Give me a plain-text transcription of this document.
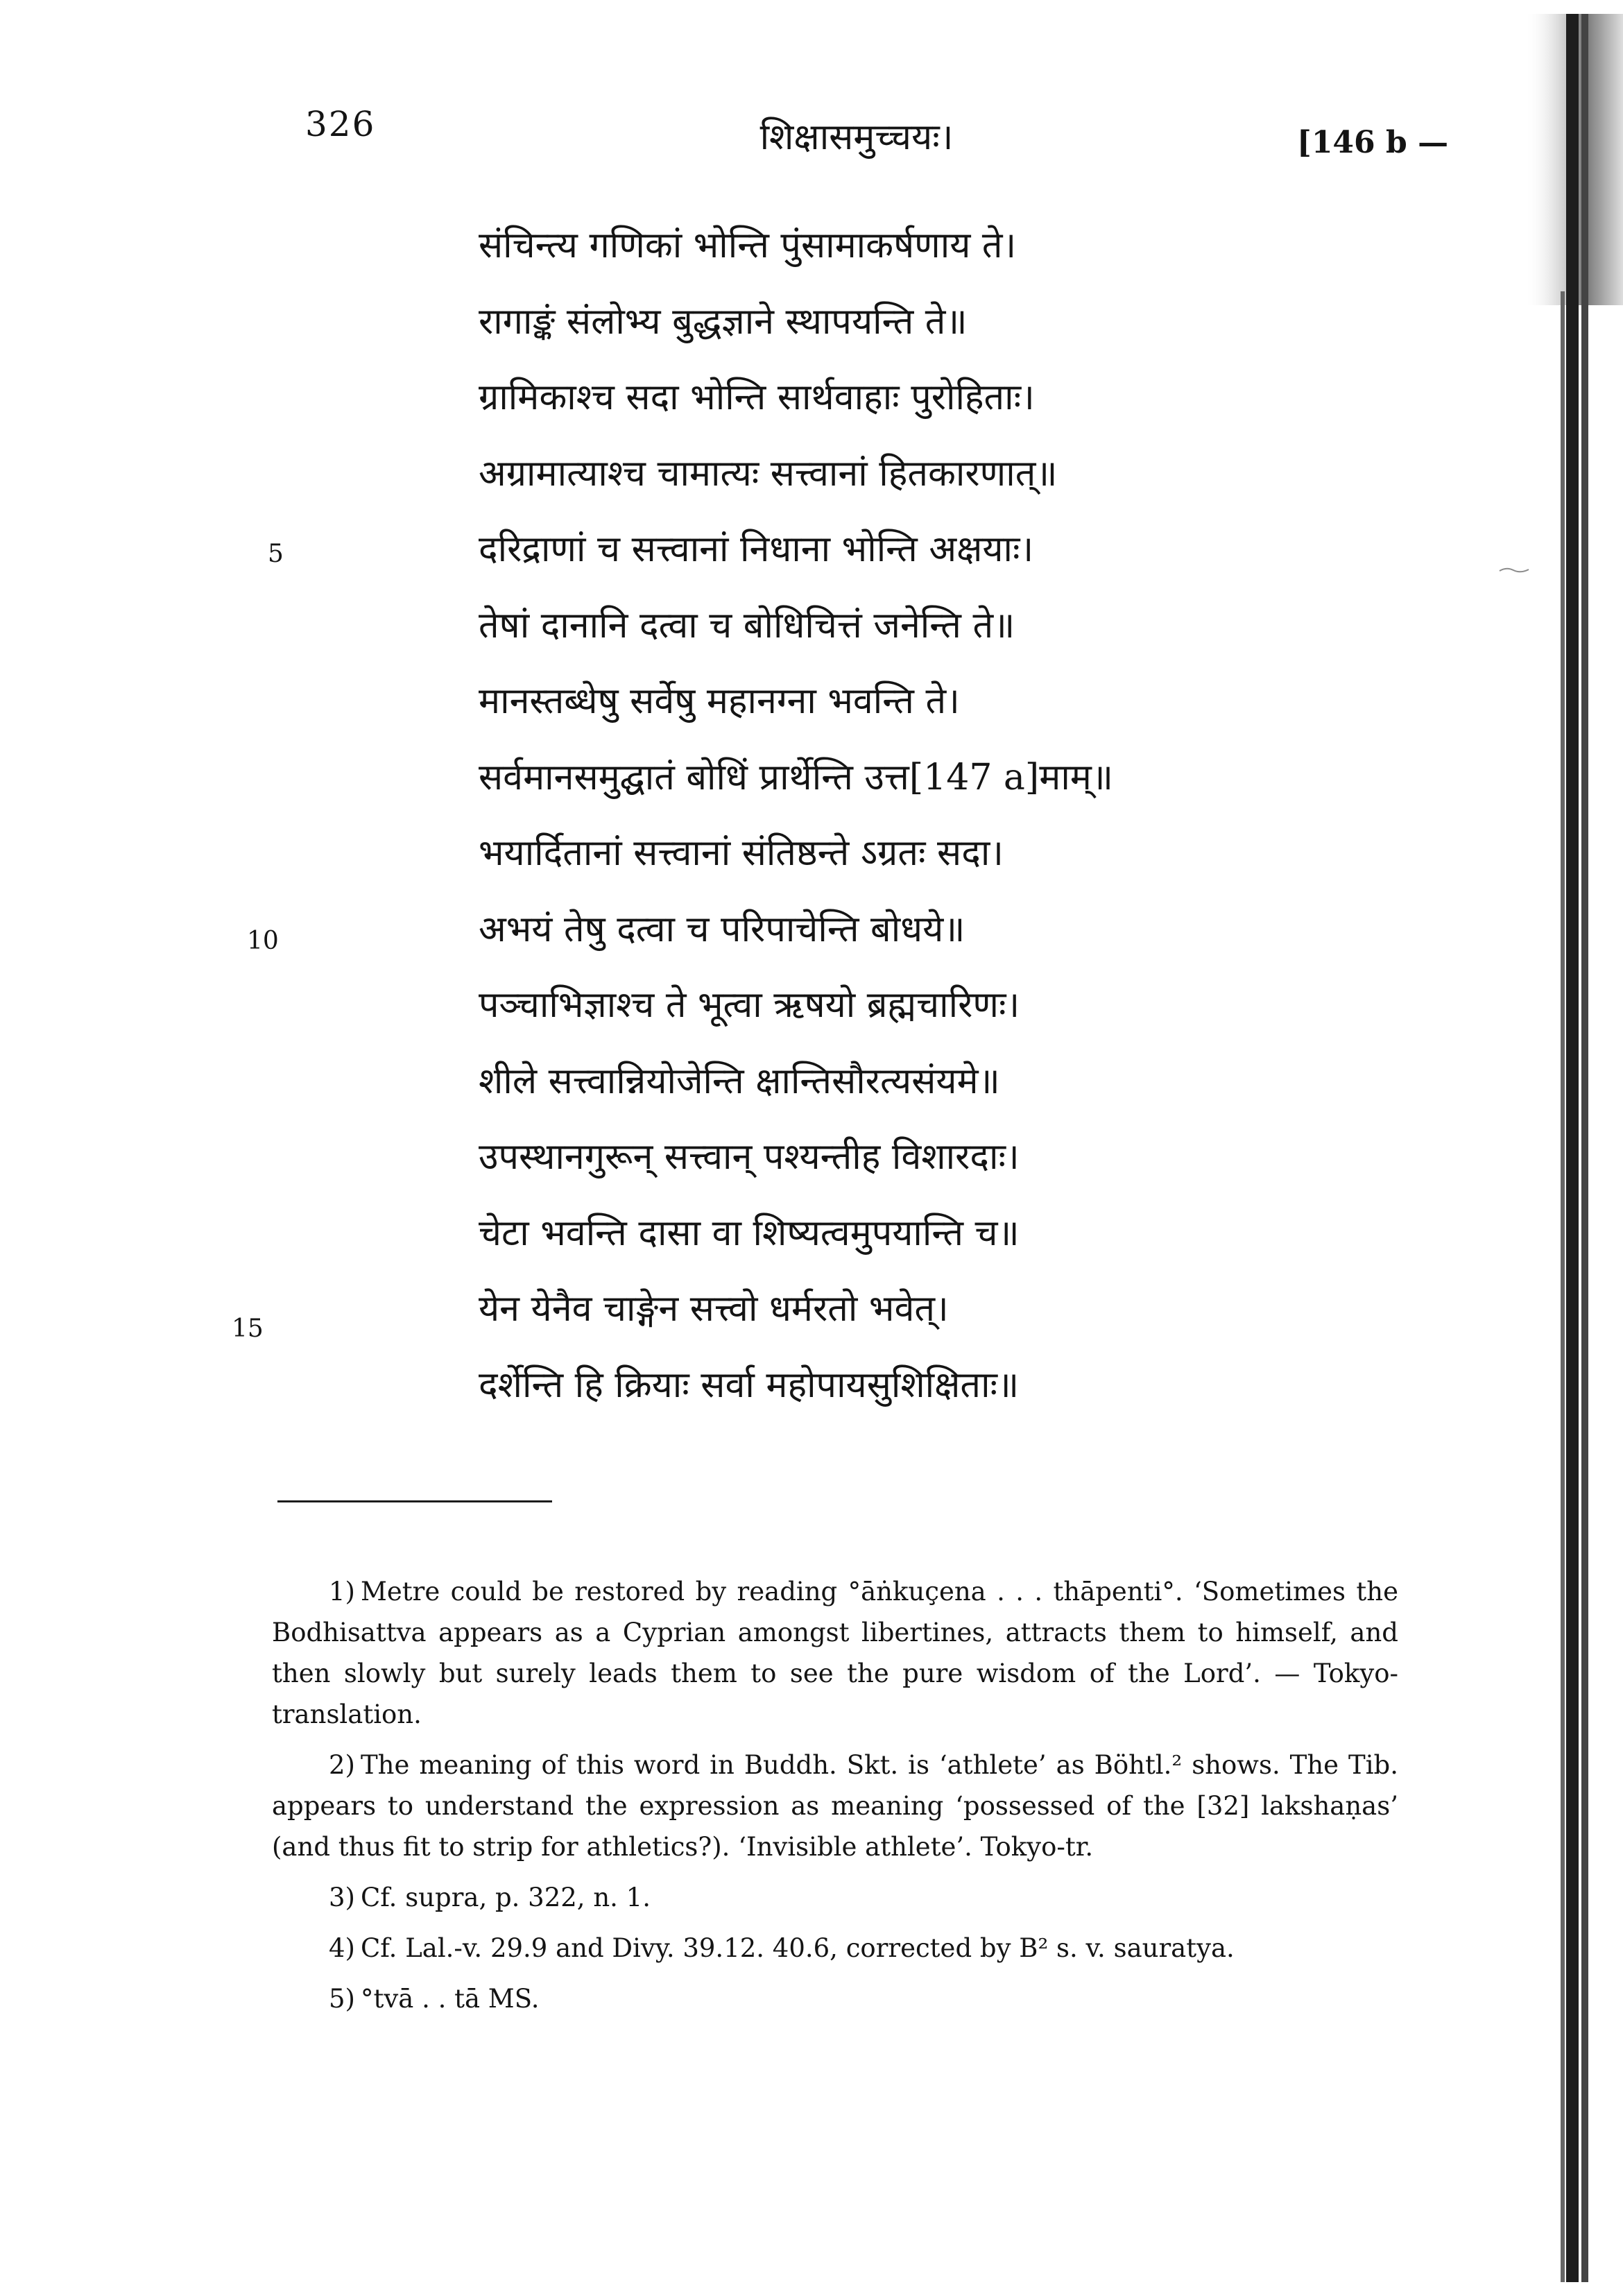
326	शिक्षासमुच्चयः।	[146 b —
संचिन्त्य गणिकां भोन्ति पुंसामाकर्षणाय ते।
रागाङ्कं संलोभ्य बुद्धज्ञाने स्थापयन्ति ते॥
ग्रामिकाश्च सदा भोन्ति सार्थवाहाः पुरोहिताः।
अग्रामात्याश्च चामात्यः सत्त्वानां हितकारणात्॥
दरिद्राणां च सत्त्वानां निधाना भोन्ति अक्षयाः।
तेषां दानानि दत्वा च बोधिचित्तं जनेन्ति ते॥
मानस्तब्धेषु सर्वेषु महानग्ना भवन्ति ते।
सर्वमानसमुद्घातं बोधिं प्रार्थेन्ति उत्त[147 a]माम्॥
भयार्दितानां सत्त्वानां संतिष्ठन्ते ऽग्रतः सदा।
अभयं तेषु दत्वा च परिपाचेन्ति बोधये॥
पञ्चाभिज्ञाश्च ते भूत्वा ऋषयो ब्रह्मचारिणः।
शीले सत्त्वान्नियोजेन्ति क्षान्तिसौरत्यसंयमे॥
उपस्थानगुरून् सत्त्वान् पश्यन्तीह विशारदाः।
चेटा भवन्ति दासा वा शिष्यत्वमुपयान्ति च॥
येन येनैव चाङ्गेन सत्त्वो धर्मरतो भवेत्।
दर्शेन्ति हि क्रियाः सर्वा महोपायसुशिक्षिताः॥
5
10
15

1) Metre could be restored by reading °āṅkuçena . . . thāpenti°. ‘Sometimes the Bodhisattva appears as a Cyprian amongst libertines, attracts them to himself, and then slowly but surely leads them to see the pure wisdom of the Lord’. — Tokyo-translation.

2) The meaning of this word in Buddh. Skt. is ‘athlete’ as Böhtl.² shows. The Tib. appears to understand the expression as meaning ‘possessed of the [32] lakshaṇas’ (and thus fit to strip for athletics?). ‘Invisible athlete’. Tokyo-tr.

3) Cf. supra, p. 322, n. 1.

4) Cf. Lal.-v. 29.9 and Divy. 39.12. 40.6, corrected by B² s. v. sauratya.

5) °tvā . . tā MS.
